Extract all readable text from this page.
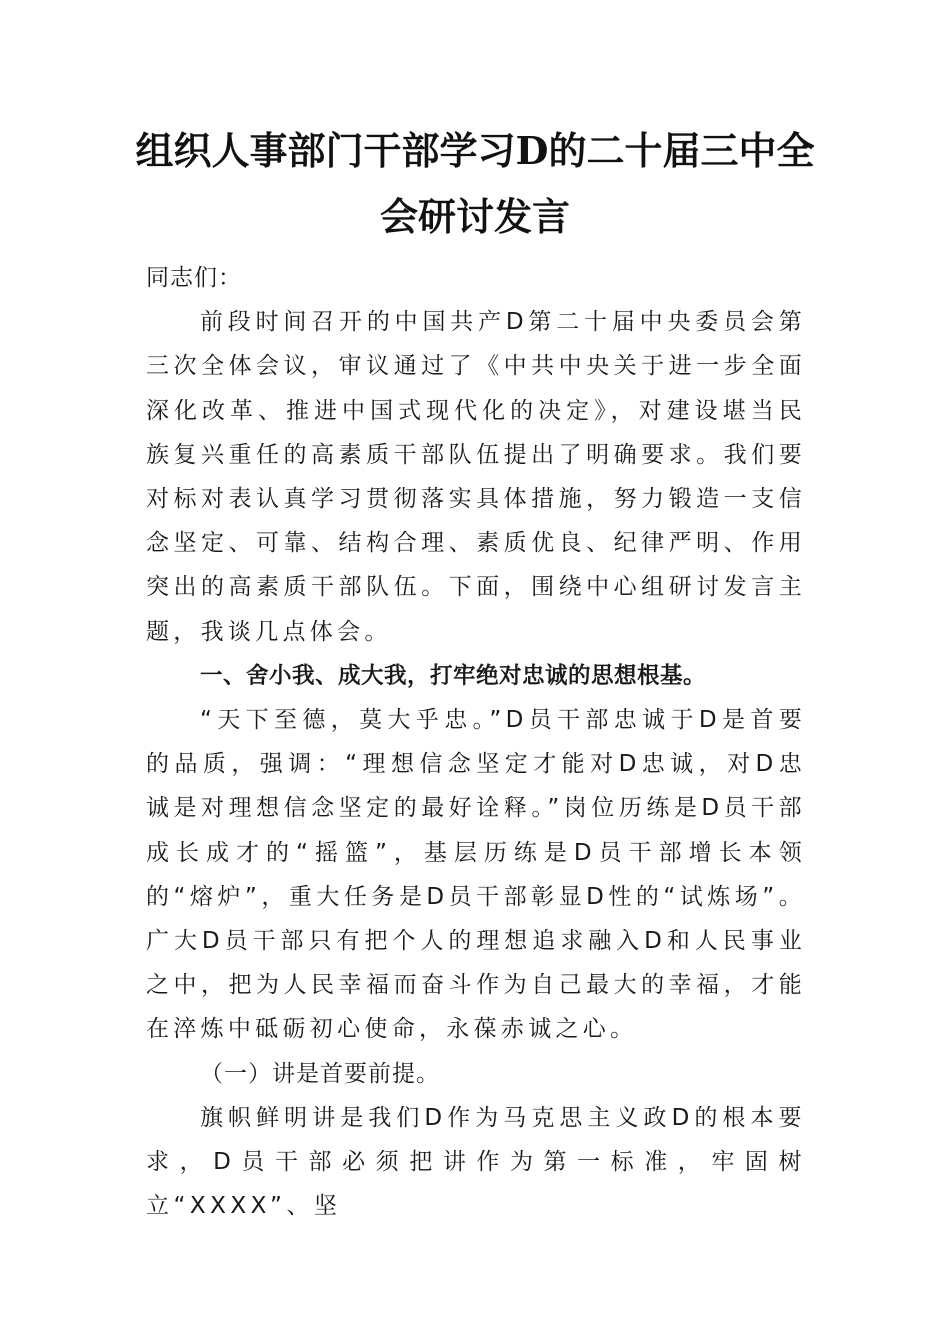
组织人事部门干部学习D的二十届三中全
会研讨发言

同志们：

前段时间召开的中国共产D第二十届中央委员会第三次全体会议，审议通过了《中共中央关于进一步全面深化改革、推进中国式现代化的决定》，对建设堪当民族复兴重任的高素质干部队伍提出了明确要求。我们要对标对表认真学习贯彻落实具体措施，努力锻造一支信念坚定、可靠、结构合理、素质优良、纪律严明、作用突出的高素质干部队伍。下面，围绕中心组研讨发言主题，我谈几点体会。

一、舍小我、成大我，打牢绝对忠诚的思想根基。

“天下至德，莫大乎忠。”D员干部忠诚于D是首要的品质，强调：“理想信念坚定才能对D忠诚，对D忠诚是对理想信念坚定的最好诠释。”岗位历练是D员干部成长成才的“摇篮”，基层历练是D员干部增长本领的“熔炉”，重大任务是D员干部彰显D性的“试炼场”。广大D员干部只有把个人的理想追求融入D和人民事业之中，把为人民幸福而奋斗作为自己最大的幸福，才能在淬炼中砥砺初心使命，永葆赤诚之心。

（一）讲是首要前提。

旗帜鲜明讲是我们D作为马克思主义政D的根本要求，D员干部必须把讲作为第一标准，牢固树立“XXXX”、坚
